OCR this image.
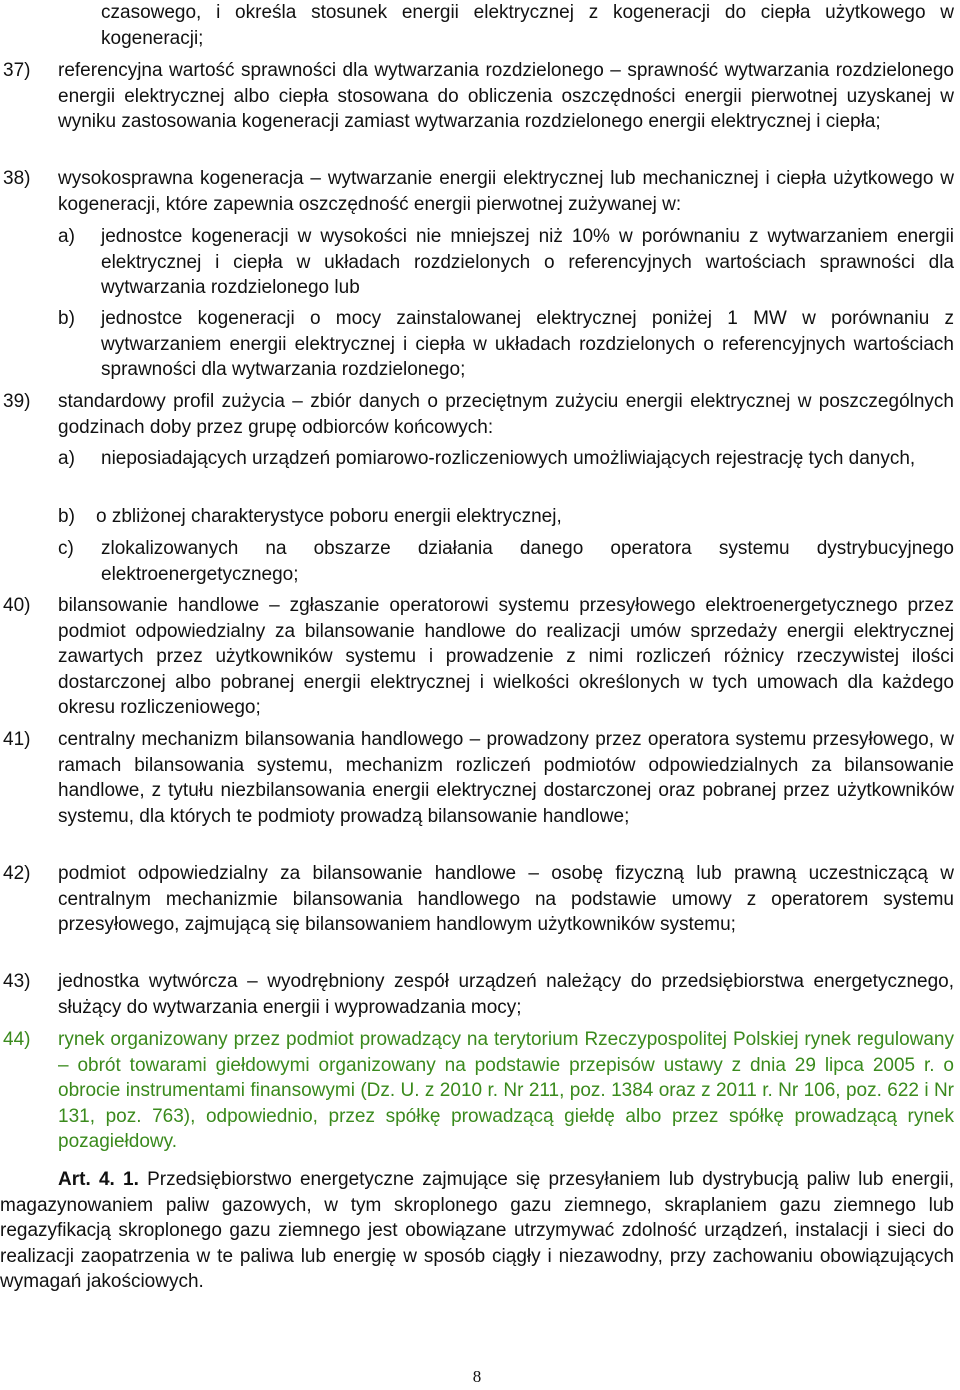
czasowego, i określa stosunek energii elektrycznej z kogeneracji do ciepła użytkowego w kogeneracji;

37) referencyjna wartość sprawności dla wytwarzania rozdzielonego – sprawność wytwarzania rozdzielonego energii elektrycznej albo ciepła stosowana do obliczenia oszczędności energii pierwotnej uzyskanej w wyniku zastosowania kogeneracji zamiast wytwarzania rozdzielonego energii elektrycznej i ciepła;

38) wysokosprawna kogeneracja – wytwarzanie energii elektrycznej lub mechanicznej i ciepła użytkowego w kogeneracji, które zapewnia oszczędność energii pierwotnej zużywanej w:

a) jednostce kogeneracji w wysokości nie mniejszej niż 10% w porównaniu z wytwarzaniem energii elektrycznej i ciepła w układach rozdzielonych o referencyjnych wartościach sprawności dla wytwarzania rozdzielonego lub

b) jednostce kogeneracji o mocy zainstalowanej elektrycznej poniżej 1 MW w porównaniu z wytwarzaniem energii elektrycznej i ciepła w układach rozdzielonych o referencyjnych wartościach sprawności dla wytwarzania rozdzielonego;

39) standardowy profil zużycia – zbiór danych o przeciętnym zużyciu energii elektrycznej w poszczególnych godzinach doby przez grupę odbiorców końcowych:

a) nieposiadających urządzeń pomiarowo-rozliczeniowych umożliwiających rejestrację tych danych,

b) o zbliżonej charakterystyce poboru energii elektrycznej,

c) zlokalizowanych na obszarze działania danego operatora systemu dystrybucyjnego elektroenergetycznego;

40) bilansowanie handlowe – zgłaszanie operatorowi systemu przesyłowego elektroenergetycznego przez podmiot odpowiedzialny za bilansowanie handlowe do realizacji umów sprzedaży energii elektrycznej zawartych przez użytkowników systemu i prowadzenie z nimi rozliczeń różnicy rzeczywistej ilości dostarczonej albo pobranej energii elektrycznej i wielkości określonych w tych umowach dla każdego okresu rozliczeniowego;

41) centralny mechanizm bilansowania handlowego – prowadzony przez operatora systemu przesyłowego, w ramach bilansowania systemu, mechanizm rozliczeń podmiotów odpowiedzialnych za bilansowanie handlowe, z tytułu niezbilansowania energii elektrycznej dostarczonej oraz pobranej przez użytkowników systemu, dla których te podmioty prowadzą bilansowanie handlowe;

42) podmiot odpowiedzialny za bilansowanie handlowe – osobę fizyczną lub prawną uczestniczącą w centralnym mechanizmie bilansowania handlowego na podstawie umowy z operatorem systemu przesyłowego, zajmującą się bilansowaniem handlowym użytkowników systemu;

43) jednostka wytwórcza – wyodrębniony zespół urządzeń należący do przedsiębiorstwa energetycznego, służący do wytwarzania energii i wyprowadzania mocy;

44) rynek organizowany przez podmiot prowadzący na terytorium Rzeczypospolitej Polskiej rynek regulowany – obrót towarami giełdowymi organizowany na podstawie przepisów ustawy z dnia 29 lipca 2005 r. o obrocie instrumentami finansowymi (Dz. U. z 2010 r. Nr 211, poz. 1384 oraz z 2011 r. Nr 106, poz. 622 i Nr 131, poz. 763), odpowiednio, przez spółkę prowadzącą giełdę albo przez spółkę prowadzącą rynek pozagiełdowy.

Art. 4. 1. Przedsiębiorstwo energetyczne zajmujące się przesyłaniem lub dystrybucją paliw lub energii, magazynowaniem paliw gazowych, w tym skroplonego gazu ziemnego, skraplaniem gazu ziemnego lub regazyfikacją skroplonego gazu ziemnego jest obowiązane utrzymywać zdolność urządzeń, instalacji i sieci do realizacji zaopatrzenia w te paliwa lub energię w sposób ciągły i niezawodny, przy zachowaniu obowiązujących wymagań jakościowych.

8
